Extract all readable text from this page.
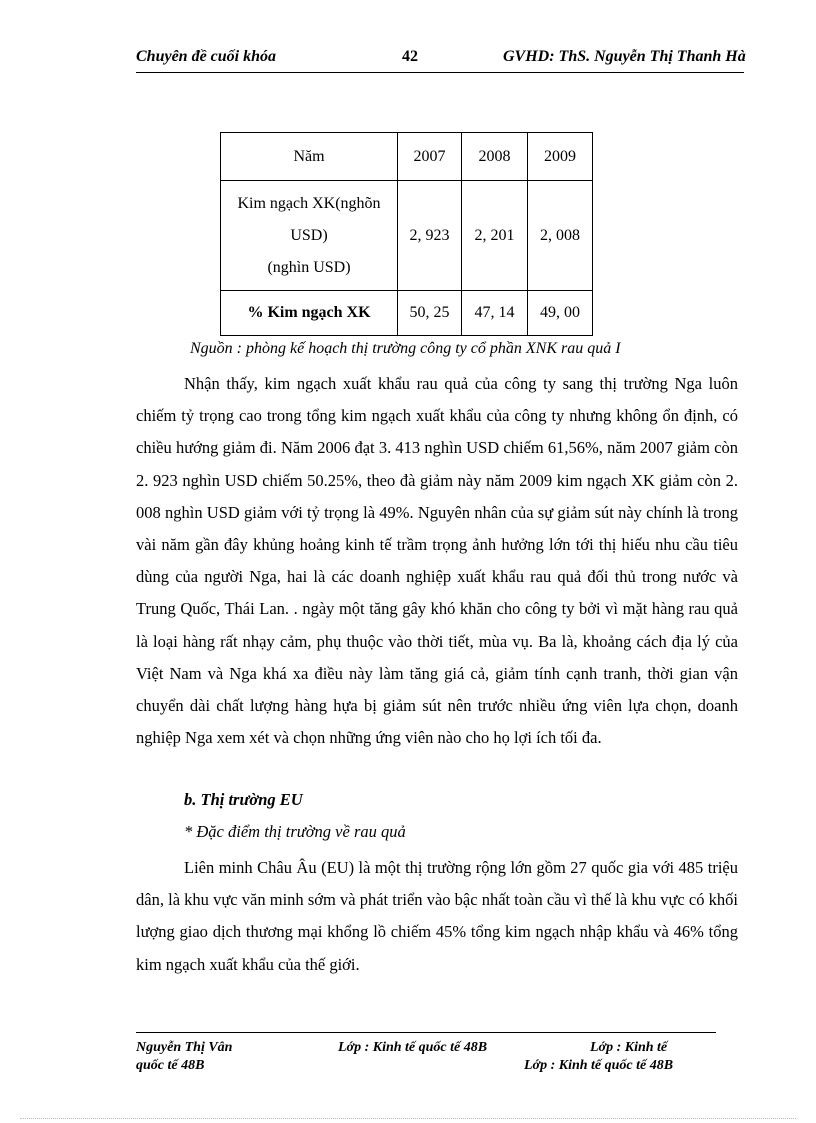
Chuyên đề cuối khóa	42	GVHD: ThS. Nguyễn Thị Thanh Hà
Năm	2007	2008	2009

Kim ngạch XK(nghõn
USD)
(nghìn USD)	2, 923	2, 201	2, 008
% Kim ngạch XK	50, 25	47, 14	49, 00
Nguồn : phòng kế hoạch thị trường công ty cổ phần XNK rau quả I
Nhận thấy, kim ngạch xuất khẩu rau quả của công ty sang thị trường Nga luôn chiếm tỷ trọng cao trong tổng kim ngạch xuất khẩu của công ty nhưng không ổn định, có chiều hướng giảm đi. Năm 2006 đạt 3. 413 nghìn USD chiếm 61,56%, năm 2007 giảm còn 2. 923 nghìn USD chiếm 50.25%, theo đà giảm này năm 2009 kim ngạch XK giảm còn 2. 008 nghìn USD giảm với tỷ trọng là 49%. Nguyên nhân của sự giảm sút này chính là trong vài năm gần đây khủng hoảng kinh tế trầm trọng ảnh hưởng lớn tới thị hiếu nhu cầu tiêu dùng của người Nga, hai là các doanh nghiệp xuất khẩu rau quả đối thủ trong nước và Trung Quốc, Thái Lan. . ngày một tăng gây khó khăn cho công ty bởi vì mặt hàng rau quả là loại hàng rất nhạy cảm, phụ thuộc vào thời tiết, mùa vụ. Ba là, khoảng cách địa lý của Việt Nam và Nga khá xa điều này làm tăng giá cả, giảm tính cạnh tranh, thời gian vận chuyển dài chất lượng hàng hựa bị giảm sút nên trước nhiều ứng viên lựa chọn, doanh nghiệp Nga xem xét và chọn những ứng viên nào cho họ lợi ích tối đa.
b. Thị trường EU
* Đặc điểm thị trường về rau quả
Liên minh Châu Âu (EU) là một thị trường rộng lớn gồm 27 quốc gia với 485 triệu dân, là khu vực văn minh sớm và phát triển vào bậc nhất toàn cầu vì thế là khu vực có khối lượng giao dịch thương mại khổng lồ chiếm 45% tổng kim ngạch nhập khẩu và 46% tổng kim ngạch xuất khẩu của thế giới.
Nguyễn Thị Vân	Lớp : Kinh tế quốc tế 48B	Lớp : Kinh tế
quốc tế 48B	Lớp : Kinh tế quốc tế 48B
